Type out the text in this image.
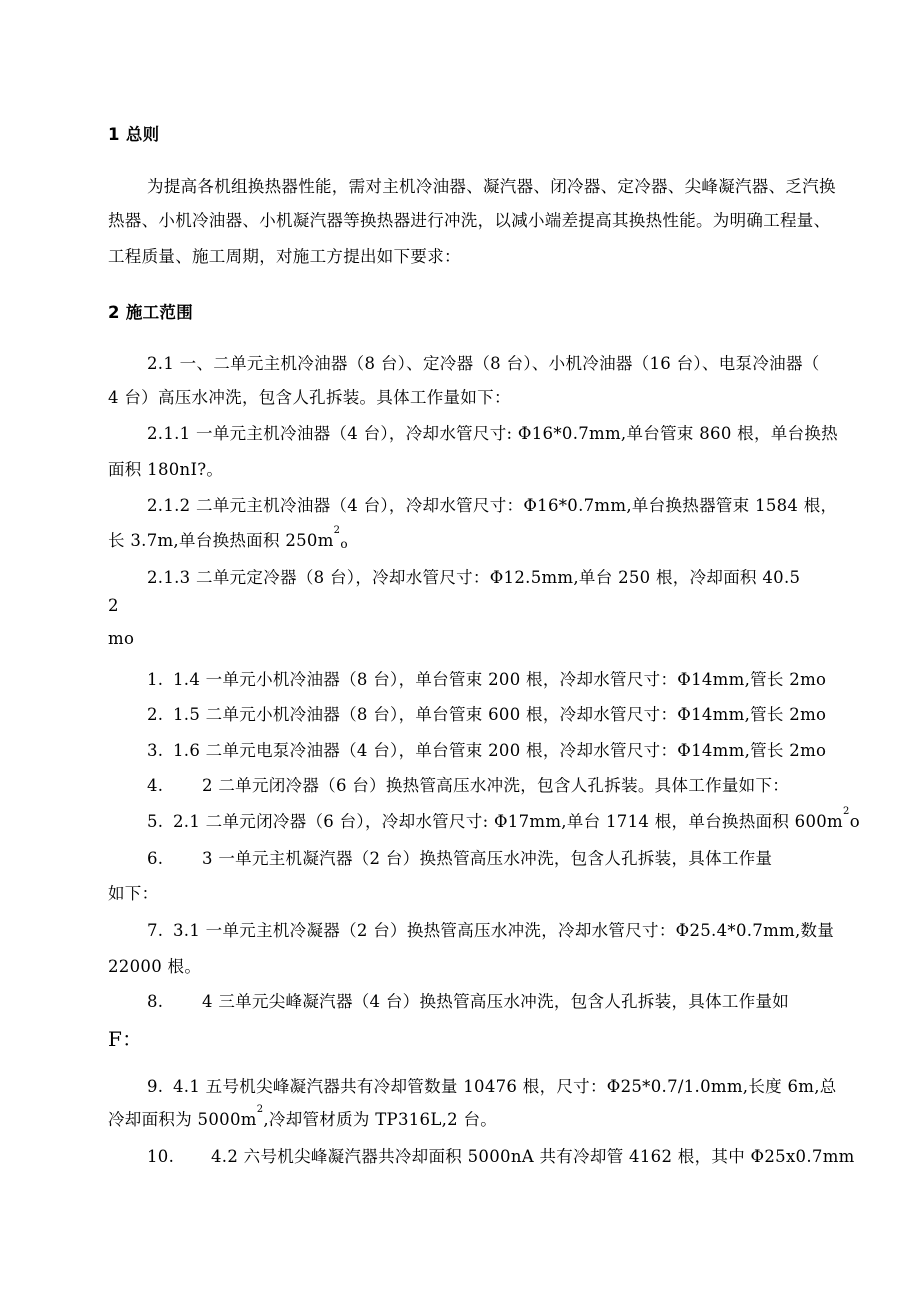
1 总则
为提高各机组换热器性能，需对主机冷油器、凝汽器、闭冷器、定冷器、尖峰凝汽器、乏汽换
热器、小机冷油器、小机凝汽器等换热器进行冲洗，以减小端差提高其换热性能。为明确工程量、
工程质量、施工周期，对施工方提出如下要求：
2 施工范围
2.1 一、二单元主机冷油器（8 台）、定冷器（8 台）、小机冷油器（16 台）、电泵冷油器（
4 台）高压水冲洗，包含人孔拆装。具体工作量如下：
2.1.1 一单元主机冷油器（4 台），冷却水管尺寸: Φ16*0.7mm,单台管束 860 根，单台换热
面积 180nI?。
2.1.2 二单元主机冷油器（4 台），冷却水管尺寸：Φ16*0.7mm,单台换热器管束 1584 根，
长 3.7m,单台换热面积 $250m^2o$
2.1.3 二单元定冷器（8 台），冷却水管尺寸：Φ12.5mm,单台 250 根，冷却面积 40.5
2
mo
1. 1.4 一单元小机冷油器（8 台），单台管束 200 根，冷却水管尺寸：Φ14mm,管长 2mo
2. 1.5 二单元小机冷油器（8 台），单台管束 600 根，冷却水管尺寸：Φ14mm,管长 2mo
3. 1.6 二单元电泵冷油器（4 台），单台管束 200 根，冷却水管尺寸：Φ14mm,管长 2mo
4. 2 二单元闭冷器（6 台）换热管高压水冲洗，包含人孔拆装。具体工作量如下：
5. 2.1 二单元闭冷器（6 台），冷却水管尺寸: Φ17mm,单台 1714 根，单台换热面积 $600m^2o$
6. 3 一单元主机凝汽器（2 台）换热管高压水冲洗，包含人孔拆装，具体工作量
如下：
7. 3.1 一单元主机冷凝器（2 台）换热管高压水冲洗，冷却水管尺寸：Φ25.4*0.7mm,数量
22000 根。
8. 4 三单元尖峰凝汽器（4 台）换热管高压水冲洗，包含人孔拆装，具体工作量如
F：
9. 4.1 五号机尖峰凝汽器共有冷却管数量 10476 根，尺寸：Φ25*0.7/1.0mm,长度 6m,总
冷却面积为 $5000m^2$,冷却管材质为 TP316L,2 台。
10. 4.2 六号机尖峰凝汽器共冷却面积 5000nA 共有冷却管 4162 根，其中 Φ25x0.7mm
